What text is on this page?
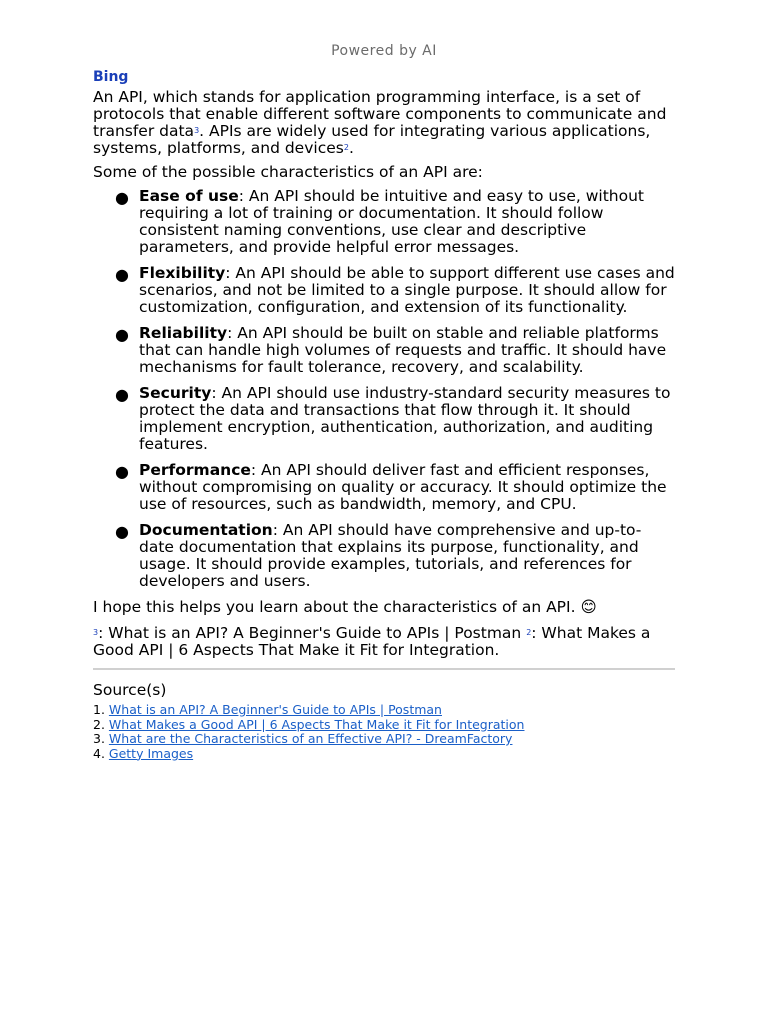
Powered by AI
Bing

An API, which stands for application programming interface, is a set of protocols that enable different software components to communicate and transfer data$^3$. APIs are widely used for integrating various applications, systems, platforms, and devices$^2$.

Some of the possible characteristics of an API are:

● Ease of use: An API should be intuitive and easy to use, without requiring a lot of training or documentation. It should follow consistent naming conventions, use clear and descriptive parameters, and provide helpful error messages.
● Flexibility: An API should be able to support different use cases and scenarios, and not be limited to a single purpose. It should allow for customization, configuration, and extension of its functionality.
● Reliability: An API should be built on stable and reliable platforms that can handle high volumes of requests and traffic. It should have mechanisms for fault tolerance, recovery, and scalability.
● Security: An API should use industry-standard security measures to protect the data and transactions that flow through it. It should implement encryption, authentication, authorization, and auditing features.
● Performance: An API should deliver fast and efficient responses, without compromising on quality or accuracy. It should optimize the use of resources, such as bandwidth, memory, and CPU.
● Documentation: An API should have comprehensive and up-to-date documentation that explains its purpose, functionality, and usage. It should provide examples, tutorials, and references for developers and users.

I hope this helps you learn about the characteristics of an API. 😊

$^3$: What is an API? A Beginner's Guide to APIs | Postman $^2$: What Makes a Good API | 6 Aspects That Make it Fit for Integration.

Source(s)
1. What is an API? A Beginner's Guide to APIs | Postman
2. What Makes a Good API | 6 Aspects That Make it Fit for Integration
3. What are the Characteristics of an Effective API? - DreamFactory
4. Getty Images
